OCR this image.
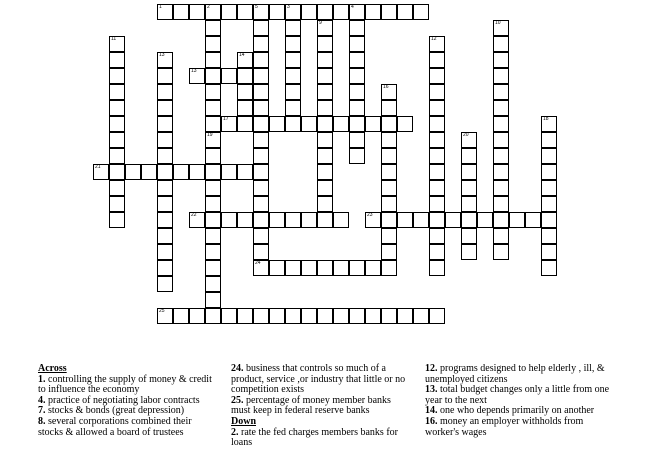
1	2	5	3
19
4
24
9	10
11	12
13
13
14
16
17	18
20
21
22	23
25

Across

1. controlling the supply of money & credit to influence the economy

4. practice of negotiating labor contracts

7. stocks & bonds (great depression)

8. several corporations combined their stocks & allowed a board of trustees

24. business that controls so much of a product, service ,or industry that little or no competition exists

25. percentage of money member banks must keep in federal reserve banks

Down

2. rate the fed charges members banks for loans

12. programs designed to help elderly , ill, & unemployed citizens

13. total budget changes only a little from one year to the next

14. one who depends primarily on another

16. money an employer withholds from worker's wages
